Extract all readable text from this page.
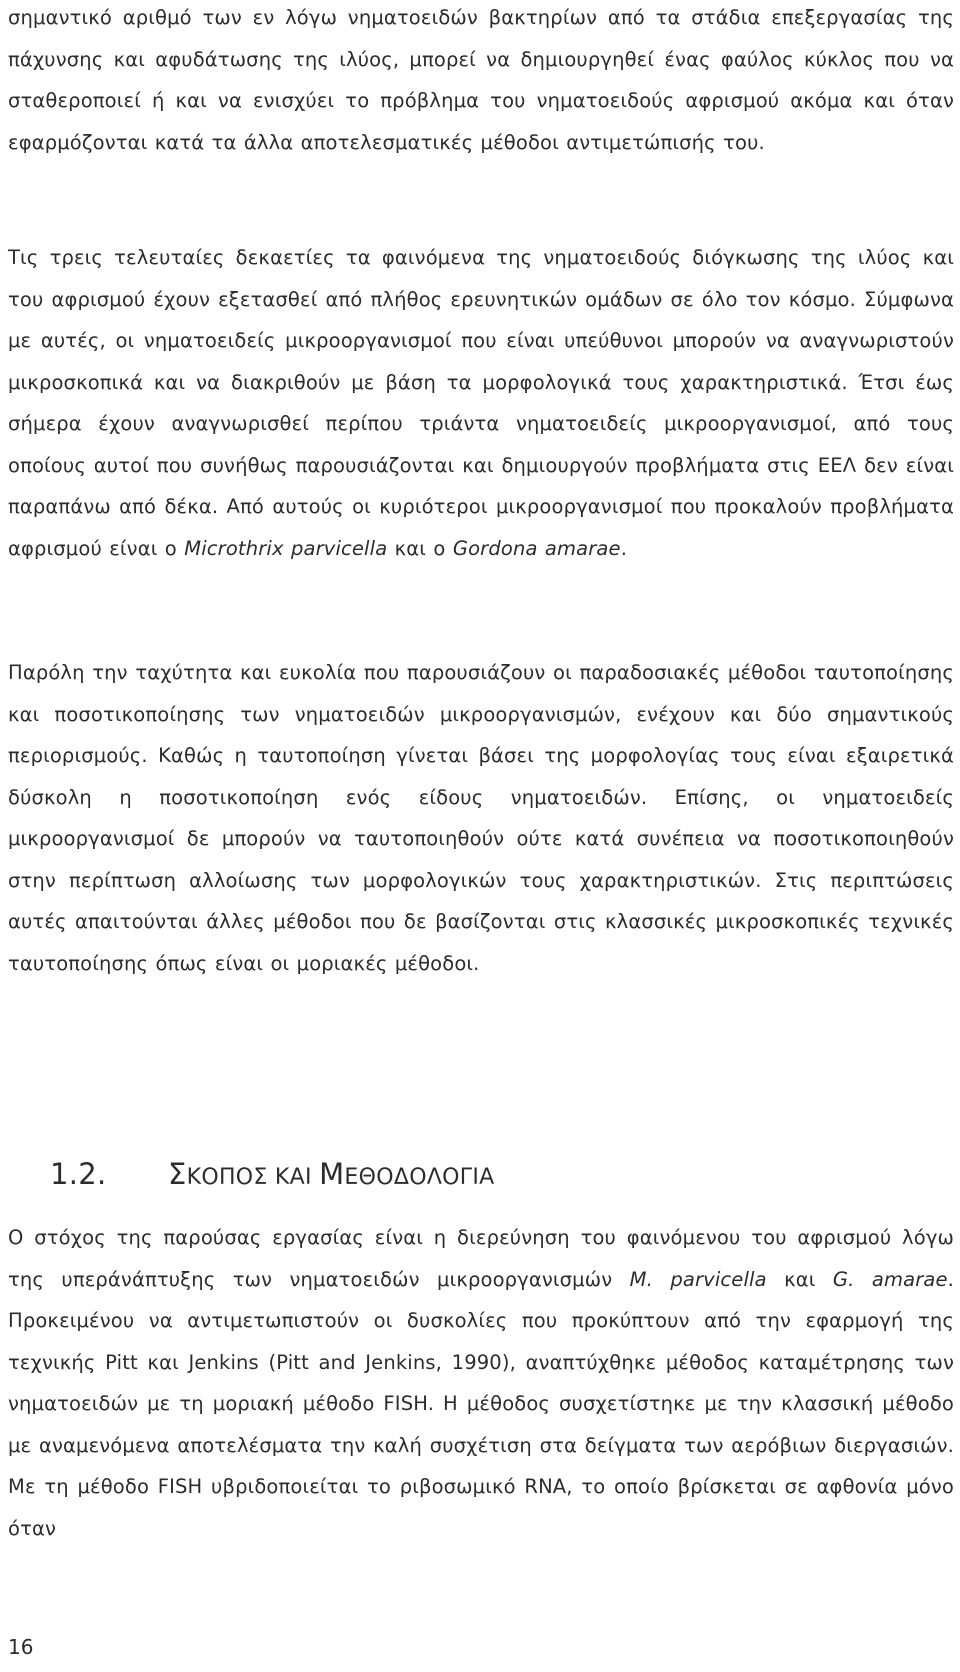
σημαντικό αριθμό των εν λόγω νηματοειδών βακτηρίων από τα στάδια επεξεργασίας της πάχυνσης και αφυδάτωσης της ιλύος, μπορεί να δημιουργηθεί ένας φαύλος κύκλος που να σταθεροποιεί ή και να ενισχύει το πρόβλημα του νηματοειδούς αφρισμού ακόμα και όταν εφαρμόζονται κατά τα άλλα αποτελεσματικές μέθοδοι αντιμετώπισής του.

Τις τρεις τελευταίες δεκαετίες τα φαινόμενα της νηματοειδούς διόγκωσης της ιλύος και του αφρισμού έχουν εξετασθεί από πλήθος ερευνητικών ομάδων σε όλο τον κόσμο. Σύμφωνα με αυτές, οι νηματοειδείς μικροοργανισμοί που είναι υπεύθυνοι μπορούν να αναγνωριστούν μικροσκοπικά και να διακριθούν με βάση τα μορφολογικά τους χαρακτηριστικά. Έτσι έως σήμερα έχουν αναγνωρισθεί περίπου τριάντα νηματοειδείς μικροοργανισμοί, από τους οποίους αυτοί που συνήθως παρουσιάζονται και δημιουργούν προβλήματα στις ΕΕΛ δεν είναι παραπάνω από δέκα. Από αυτούς οι κυριότεροι μικροοργανισμοί που προκαλούν προβλήματα αφρισμού είναι ο Microthrix parvicella και ο Gordona amarae.

Παρόλη την ταχύτητα και ευκολία που παρουσιάζουν οι παραδοσιακές μέθοδοι ταυτοποίησης και ποσοτικοποίησης των νηματοειδών μικροοργανισμών, ενέχουν και δύο σημαντικούς περιορισμούς. Καθώς η ταυτοποίηση γίνεται βάσει της μορφολογίας τους είναι εξαιρετικά δύσκολη η ποσοτικοποίηση ενός είδους νηματοειδών. Επίσης, οι νηματοειδείς μικροοργανισμοί δε μπορούν να ταυτοποιηθούν ούτε κατά συνέπεια να ποσοτικοποιηθούν στην περίπτωση αλλοίωσης των μορφολογικών τους χαρακτηριστικών. Στις περιπτώσεις αυτές απαιτούνται άλλες μέθοδοι που δε βασίζονται στις κλασσικές μικροσκοπικές τεχνικές ταυτοποίησης όπως είναι οι μοριακές μέθοδοι.

1.2. ΣΚΟΠΟΣ ΚΑΙ ΜΕΘΟΔΟΛΟΓΙΑ

Ο στόχος της παρούσας εργασίας είναι η διερεύνηση του φαινόμενου του αφρισμού λόγω της υπεράνάπτυξης των νηματοειδών μικροοργανισμών M. parvicella και G. amarae. Προκειμένου να αντιμετωπιστούν οι δυσκολίες που προκύπτουν από την εφαρμογή της τεχνικής Pitt και Jenkins (Pitt and Jenkins, 1990), αναπτύχθηκε μέθοδος καταμέτρησης των νηματοειδών με τη μοριακή μέθοδο FISH. Η μέθοδος συσχετίστηκε με την κλασσική μέθοδο με αναμενόμενα αποτελέσματα την καλή συσχέτιση στα δείγματα των αερόβιων διεργασιών. Με τη μέθοδο FISH υβριδοποιείται το ριβοσωμικό RNA, το οποίο βρίσκεται σε αφθονία μόνο όταν

16
